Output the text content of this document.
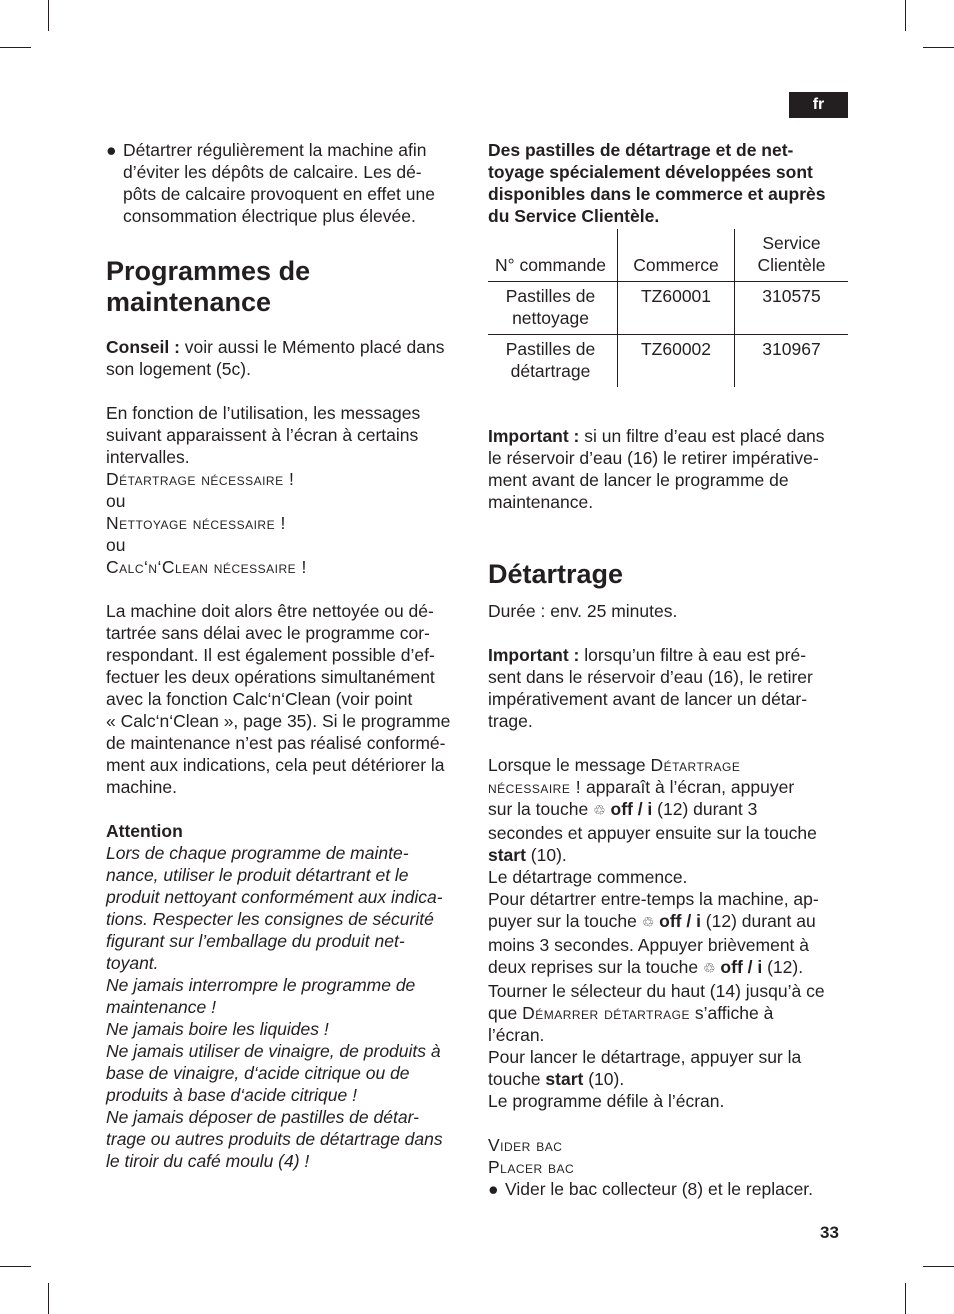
fr
● Détartrer régulièrement la machine afin

d’éviter les dépôts de calcaire. Les dé-

pôts de calcaire provoquent en effet une

consommation électrique plus élevée.

Programmes de
maintenance

Conseil : voir aussi le Mémento placé dans

son logement (5c).

En fonction de l’utilisation, les messages

suivant apparaissent à l’écran à certains

intervalles.

Détartrage nécessaire !

ou

Nettoyage nécessaire !

ou

Calc‘n‘Clean nécessaire !

La machine doit alors être nettoyée ou dé-

tartrée sans délai avec le programme cor-

respondant. Il est également possible d’ef-

fectuer les deux opérations simultanément

avec la fonction Calc‘n‘Clean (voir point

« Calc‘n‘Clean », page 35). Si le programme

de maintenance n’est pas réalisé conformé-

ment aux indications, cela peut détériorer la

machine.

Attention

Lors de chaque programme de mainte-

nance, utiliser le produit détartrant et le

produit nettoyant conformément aux indica-

tions. Respecter les consignes de sécurité

figurant sur l’emballage du produit net-

toyant.

Ne jamais interrompre le programme de

maintenance !

Ne jamais boire les liquides !

Ne jamais utiliser de vinaigre, de produits à

base de vinaigre, d‘acide citrique ou de

produits à base d‘acide citrique !

Ne jamais déposer de pastilles de détar-

trage ou autres produits de détartrage dans

le tiroir du café moulu (4) !

Des pastilles de détartrage et de net-

toyage spécialement développées sont

disponibles dans le commerce et auprès

du Service Clientèle.

N° commande	Commerce	Service
Clientèle
Pastilles de
nettoyage	TZ60001	310575
Pastilles de
détartrage	TZ60002	310967

Important : si un filtre d’eau est placé dans

le réservoir d’eau (16) le retirer impérative-

ment avant de lancer le programme de

maintenance.

Détartrage

Durée : env. 25 minutes.

Important : lorsqu’un filtre à eau est pré-

sent dans le réservoir d’eau (16), le retirer

impérativement avant de lancer un détar-

trage.

Lorsque le message Détartrage

nécessaire ! apparaît à l’écran, appuyer

sur la touche ♲ off / i (12) durant 3

secondes et appuyer ensuite sur la touche

start (10).

Le détartrage commence.

Pour détartrer entre-temps la machine, ap-

puyer sur la touche ♲ off / i (12) durant au

moins 3 secondes. Appuyer brièvement à

deux reprises sur la touche ♲ off / i (12).

Tourner le sélecteur du haut (14) jusqu’à ce

que Démarrer détartrage s’affiche à

l’écran.

Pour lancer le détartrage, appuyer sur la

touche start (10).

Le programme défile à l’écran.

Vider bac

Placer bac

● Vider le bac collecteur (8) et le replacer.
33
